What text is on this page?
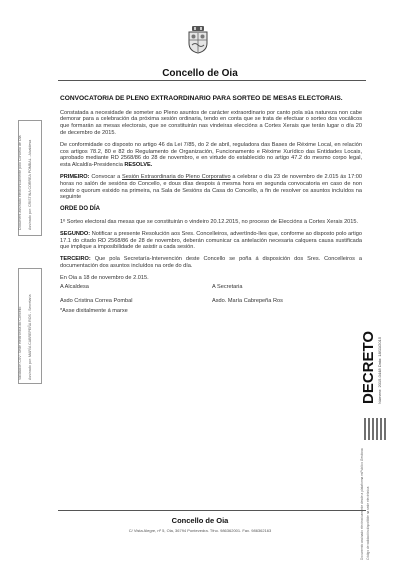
Concello de Oia
Document assinado electronicamente polo Concello de Oia Assinado por: CRISTINA CORREA POMBAL - Alcaldesa
Validación CSV: Sede electrónica do Concello Assinado por: MARÍA CABREPEÑA ROS - Secretaria

CONVOCATORIA DE PLENO EXTRAORDINARIO PARA SORTEO DE MESAS ELECTORAIS.

Constatada a necesidade de someter ao Pleno asuntos de carácter extraordinario por canto pola súa natureza non cabe demorar para a celebración da próxima sesión ordinaria, tendo en conta que se trata de efectuar o sorteo dos vocálicos que formarán as mesas electorais, que se constituirán nas vindeiras eleccións a Cortes Xerais que terán lugar o día 20 de decembro de 2015.

De conformidade co disposto no artigo 46 da Lei 7/85, do 2 de abril, reguladora das Bases de Réxime Local, en relación cos artigos 78.2, 80 e 82 do Regulamento de Organización, Funcionamento e Réxime Xurídico das Entidades Locais, aprobado mediante RD 2568/86 do 28 de novembro, e en virtude do establecido no artigo 47.2 do mesmo corpo legal, esta Alcaldía-Presidencia RESOLVE.

PRIMEIRO: Convocar a Sesión Extraordinaria do Pleno Corporativo a celebrar o día 23 de novembro de 2.015 ás 17:00 horas no salón de sesións do Concello, e dous días despois á mesma hora en segunda convocatoria en caso de non existir o quorum esixido na primeira, na Sala de Sesións da Casa do Concello, a fin de resolver os asuntos incluídos na seguinte

ORDE DO DÍA

1º Sorteo electoral das mesas que se constituirán o vindeiro 20.12.2015, no proceso de Eleccións a Cortes Xerais 2015.

SEGUNDO: Notificar a presente Resolución aos Sres. Concelleiros, advertíndo-lles que, conforme ao disposto polo artigo 17.1 do citado RD 2568/86 de 28 de novembro, deberán comunicar ca antelación necesaria calquera causa xustificada que implique a imposibilidade de asistir a cada sesión.

TERCEIRO: Que pola Secretaría-Intervención deste Concello se poña á disposición dos Sres. Concelleiros a documentación dos asuntos incluídos na orde do día.

En Oia a 18 de novembro de 2.015.

A Alcaldesa	A Secretaria
Asdo Cristina Correa Pombal	Asdo. María Cabrepeña Ros

*Asse dixitalmente á marxe

DECRETO Número: 2015-0448 Data: 18/11/2015
Documento assinado electronicamente desde a plataforma esPublico Gestiona Código de validación dispoñible na sede electrónica
Concello de Oia
C/ Vista Alegre, nº 5, Oia, 36794 Pontevedra. Tfno. 986362001. Fax. 986362163
